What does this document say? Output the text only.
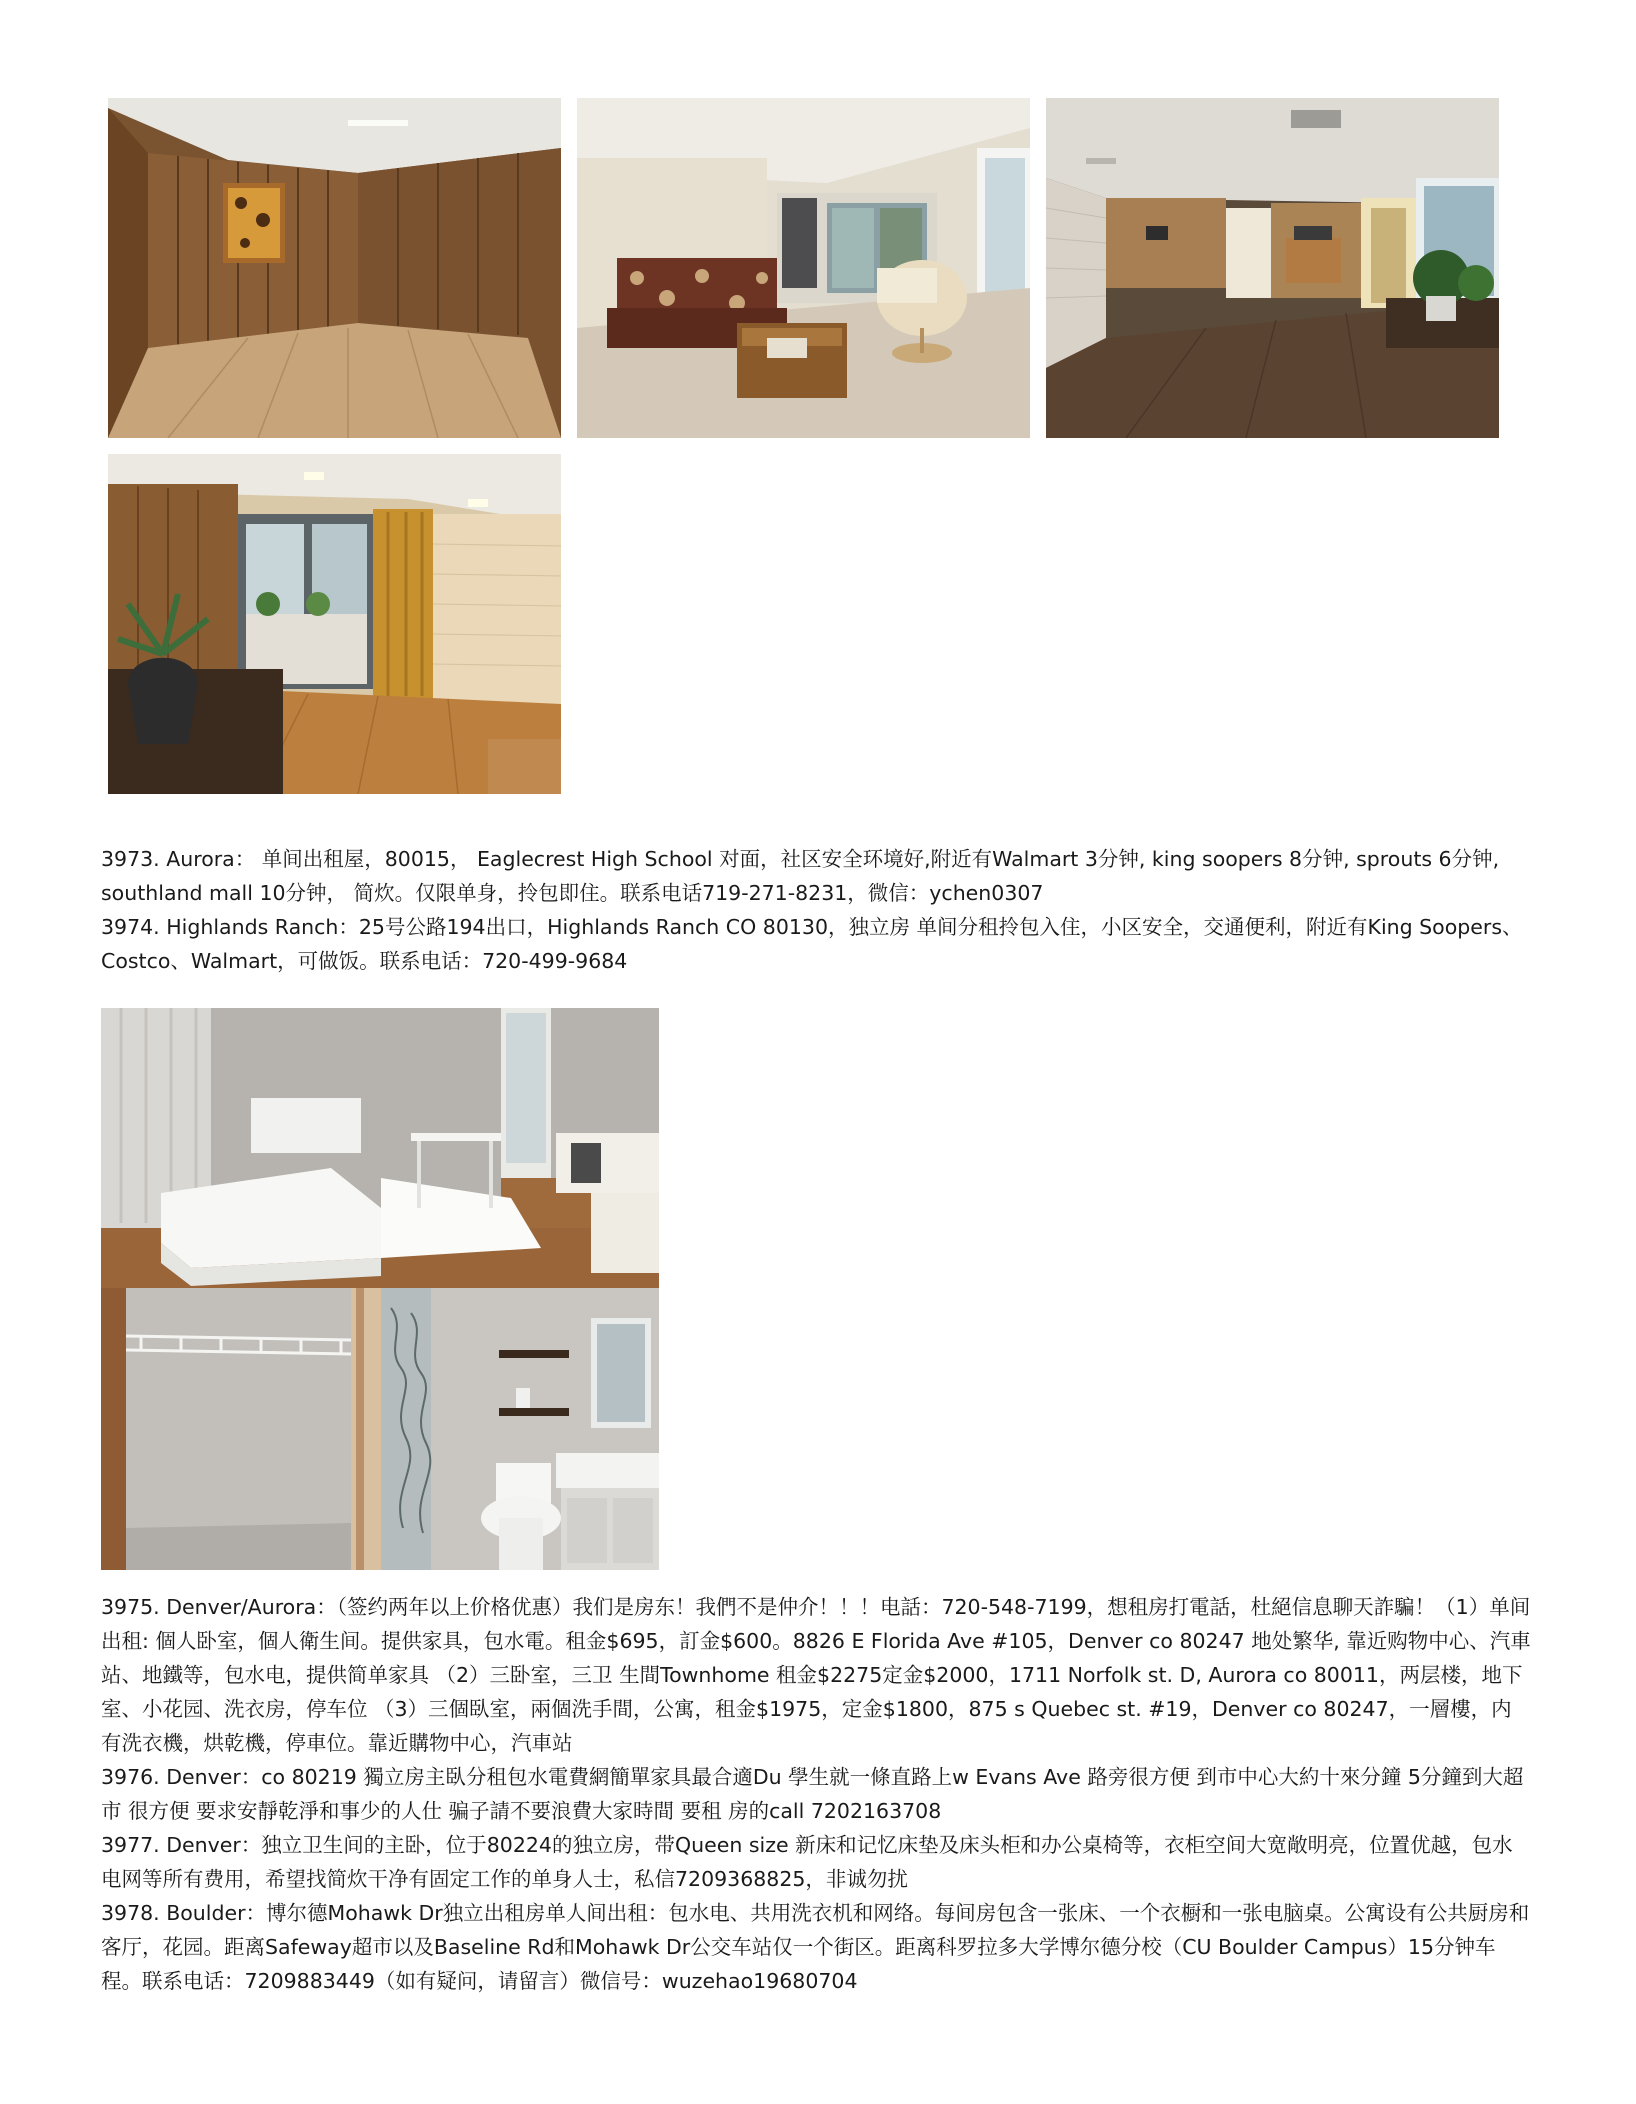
3973. Aurora： 单间出租屋，80015， Eaglecrest High School 对面，社区安全环境好,附近有Walmart 3分钟, king soopers 8分钟, sprouts 6分钟, southland mall 10分钟， 简炊。仅限单身，拎包即住。联系电话719-271-8231，微信：ychen0307

3974. Highlands Ranch：25号公路194出口，Highlands Ranch CO 80130，独立房 单间分租拎包入住，小区安全，交通便利，附近有King Soopers、Costco、Walmart，可做饭。联系电话：720-499-9684

3975. Denver/Aurora：（签约两年以上价格优惠）我们是房东！我們不是仲介！！！电話：720-548-7199，想租房打電話，杜絕信息聊天詐騙！（1）单间出租: 個人卧室，個人衛生间。提供家具，包水電。租金$695，訂金$600。8826 E Florida Ave #105，Denver co 80247 地处繁华, 靠近购物中心、汽車站、地鐵等，包水电，提供简单家具 （2）三卧室，三卫 生間Townhome 租金$2275定金$2000，1711 Norfolk st. D, Aurora co 80011，两层楼，地下室、小花园、洗衣房，停车位 （3）三個臥室，兩個洗手間，公寓，租金$1975，定金$1800，875 s Quebec st. #19，Denver co 80247，一層樓，内有洗衣機，烘乾機，停車位。靠近購物中心，汽車站

3976. Denver：co 80219 獨立房主臥分租包水電費網簡單家具最合適Du 學生就一條直路上w Evans Ave 路旁很方便 到市中心大約十來分鐘 5分鐘到大超市 很方便 要求安靜乾淨和事少的人仕 骗子請不要浪費大家時間 要租 房的call 7202163708

3977. Denver：独立卫生间的主卧，位于80224的独立房，带Queen size 新床和记忆床垫及床头柜和办公桌椅等，衣柜空间大宽敞明亮，位置优越，包水电网等所有费用，希望找简炊干净有固定工作的单身人士，私信7209368825，非诚勿扰

3978. Boulder：博尔德Mohawk Dr独立出租房单人间出租：包水电、共用洗衣机和网络。每间房包含一张床、一个衣橱和一张电脑桌。公寓设有公共厨房和客厅，花园。距离Safeway超市以及Baseline Rd和Mohawk Dr公交车站仅一个街区。距离科罗拉多大学博尔德分校（CU Boulder Campus）15分钟车程。联系电话：7209883449（如有疑问，请留言）微信号：wuzehao19680704
